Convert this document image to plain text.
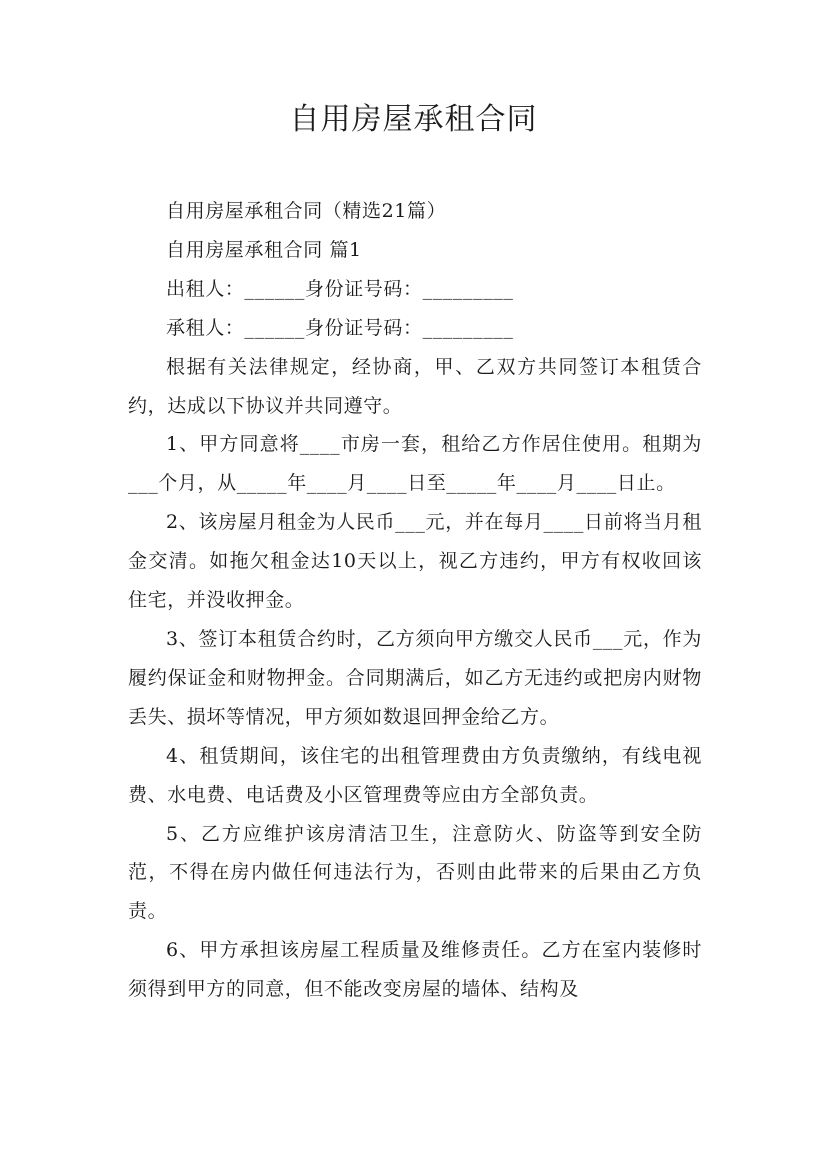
自用房屋承租合同

自用房屋承租合同（精选21篇）

自用房屋承租合同 篇1

出租人：______身份证号码：_________

承租人：______身份证号码：_________

根据有关法律规定，经协商，甲、乙双方共同签订本租赁合约，达成以下协议并共同遵守。

1、甲方同意将____市房一套，租给乙方作居住使用。租期为___个月，从_____年____月____日至_____年____月____日止。

2、该房屋月租金为人民币___元，并在每月____日前将当月租金交清。如拖欠租金达10天以上，视乙方违约，甲方有权收回该住宅，并没收押金。

3、签订本租赁合约时，乙方须向甲方缴交人民币___元，作为履约保证金和财物押金。合同期满后，如乙方无违约或把房内财物丢失、损坏等情况，甲方须如数退回押金给乙方。

4、租赁期间，该住宅的出租管理费由方负责缴纳，有线电视费、水电费、电话费及小区管理费等应由方全部负责。

5、乙方应维护该房清洁卫生，注意防火、防盗等到安全防范，不得在房内做任何违法行为，否则由此带来的后果由乙方负责。

6、甲方承担该房屋工程质量及维修责任。乙方在室内装修时须得到甲方的同意，但不能改变房屋的墙体、结构及
